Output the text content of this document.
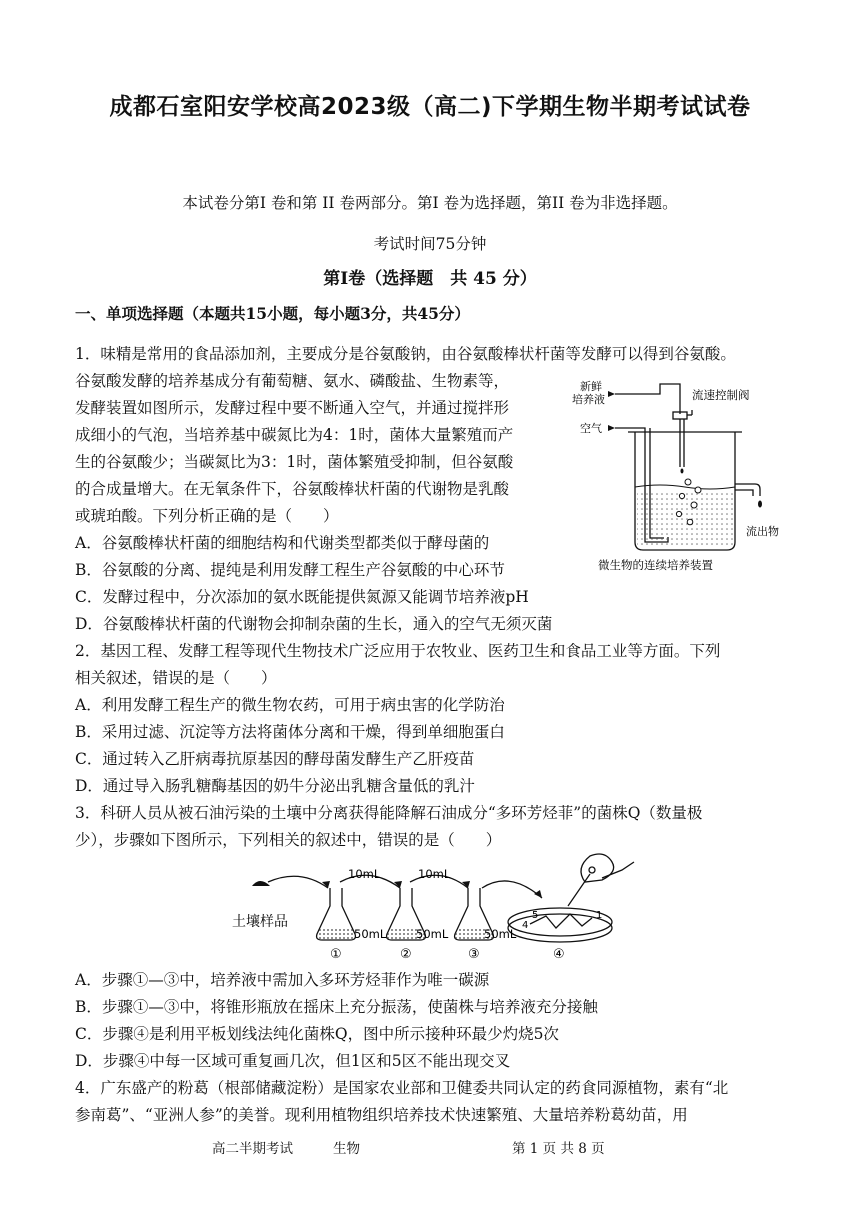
成都石室阳安学校高2023级（高二)下学期生物半期考试试卷
本试卷分第Ⅰ 卷和第 II 卷两部分。第Ⅰ 卷为选择题，第II 卷为非选择题。
考试时间75分钟
第Ⅰ卷（选择题　共 45 分）
一、单项选择题（本题共15小题，每小题3分，共45分）
1．味精是常用的食品添加剂，主要成分是谷氨酸钠，由谷氨酸棒状杆菌等发酵可以得到谷氨酸。
谷氨酸发酵的培养基成分有葡萄糖、氨水、磷酸盐、生物素等，
发酵装置如图所示，发酵过程中要不断通入空气，并通过搅拌形
成细小的气泡，当培养基中碳氮比为4：1时，菌体大量繁殖而产
生的谷氨酸少；当碳氮比为3：1时，菌体繁殖受抑制，但谷氨酸
的合成量增大。在无氧条件下，谷氨酸棒状杆菌的代谢物是乳酸
或琥珀酸。下列分析正确的是（　　）
A．谷氨酸棒状杆菌的细胞结构和代谢类型都类似于酵母菌的
B．谷氨酸的分离、提纯是利用发酵工程生产谷氨酸的中心环节
C．发酵过程中，分次添加的氨水既能提供氮源又能调节培养液pH
D．谷氨酸棒状杆菌的代谢物会抑制杂菌的生长，通入的空气无须灭菌
2．基因工程、发酵工程等现代生物技术广泛应用于农牧业、医药卫生和食品工业等方面。下列
相关叙述，错误的是（　　）
A．利用发酵工程生产的微生物农药，可用于病虫害的化学防治
B．采用过滤、沉淀等方法将菌体分离和干燥，得到单细胞蛋白
C．通过转入乙肝病毒抗原基因的酵母菌发酵生产乙肝疫苗
D．通过导入肠乳糖酶基因的奶牛分泌出乳糖含量低的乳汁
3．科研人员从被石油污染的土壤中分离获得能降解石油成分“多环芳烃菲”的菌株Q（数量极
少），步骤如下图所示，下列相关的叙述中，错误的是（　　）
A．步骤①—③中，培养液中需加入多环芳烃菲作为唯一碳源
B．步骤①—③中，将锥形瓶放在摇床上充分振荡，使菌株与培养液充分接触
C．步骤④是利用平板划线法纯化菌株Q，图中所示接种环最少灼烧5次
D．步骤④中每一区域可重复画几次，但1区和5区不能出现交叉
4．广东盛产的粉葛（根部储藏淀粉）是国家农业部和卫健委共同认定的药食同源植物，素有“北
参南葛”、“亚洲人参”的美誉。现利用植物组织培养技术快速繁殖、大量培养粉葛幼苗，用
新鲜
培养液	流速控制阀
空气
流出物
微生物的连续培养装置
土壤样品
10mL	10mL
50mL	50mL	50mL
①	②	③	④
4
5	1
高二半期考试	生物	第 1 页 共 8 页
